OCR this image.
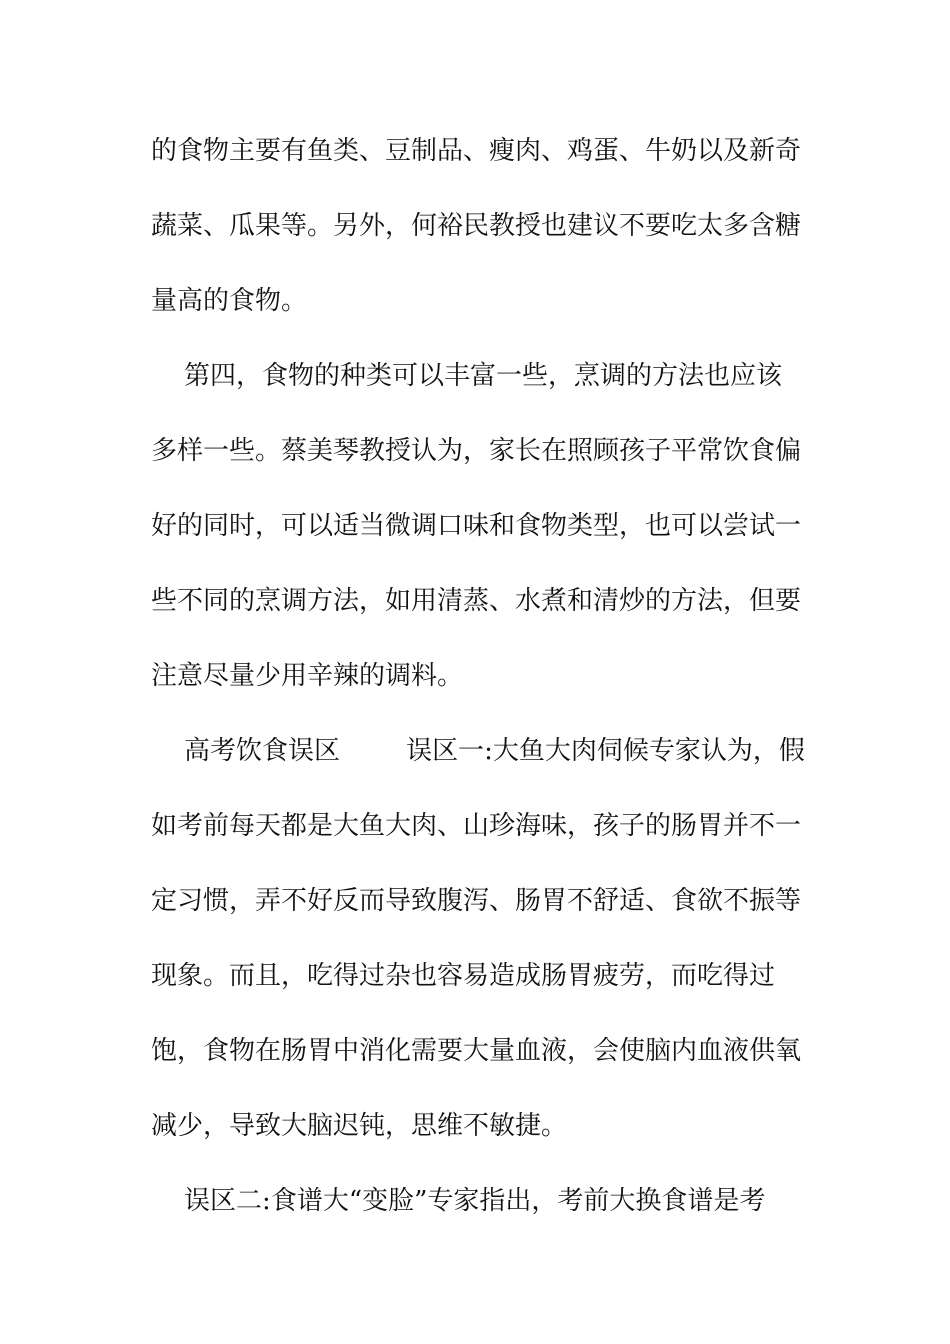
的食物主要有鱼类、豆制品、瘦肉、鸡蛋、牛奶以及新奇
蔬菜、瓜果等。另外，何裕民教授也建议不要吃太多含糖
量高的食物。
第四，食物的种类可以丰富一些，烹调的方法也应该
多样一些。蔡美琴教授认为，家长在照顾孩子平常饮食偏
好的同时，可以适当微调口味和食物类型，也可以尝试一
些不同的烹调方法，如用清蒸、水煮和清炒的方法，但要
注意尽量少用辛辣的调料。
高考饮食误区        误区一:大鱼大肉伺候专家认为，假
如考前每天都是大鱼大肉、山珍海味，孩子的肠胃并不一
定习惯，弄不好反而导致腹泻、肠胃不舒适、食欲不振等
现象。而且，吃得过杂也容易造成肠胃疲劳，而吃得过
饱，食物在肠胃中消化需要大量血液，会使脑内血液供氧
减少，导致大脑迟钝，思维不敏捷。
误区二:食谱大“变脸”专家指出，考前大换食谱是考
